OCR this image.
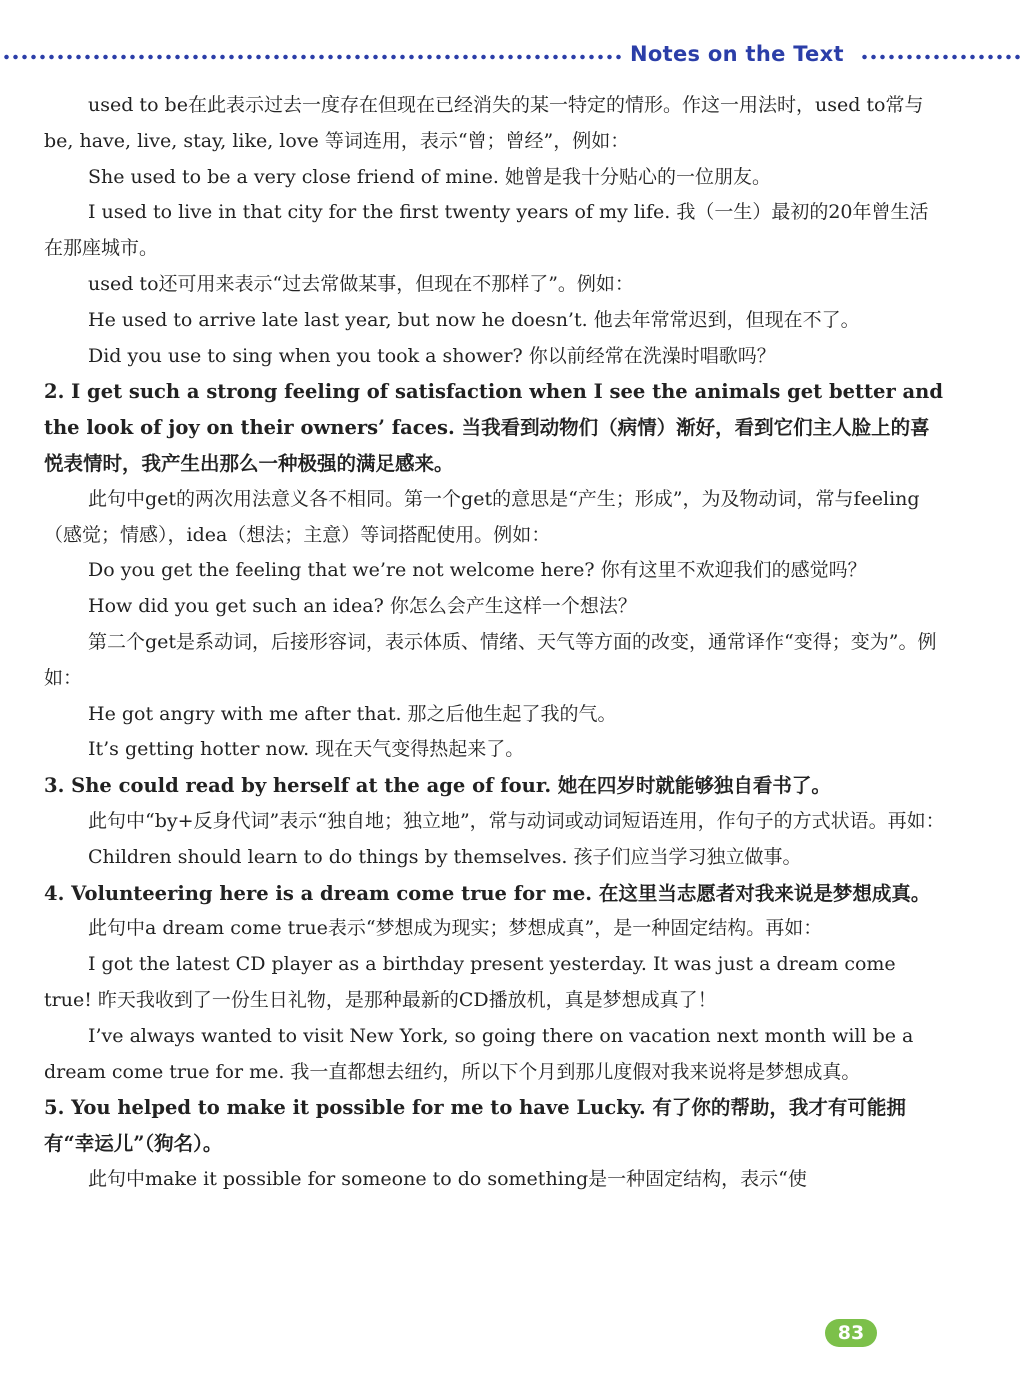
Notes on the Text

used to be在此表示过去一度存在但现在已经消失的某一特定的情形。作这一用法时，used to常与be, have, live, stay, like, love 等词连用，表示“曾；曾经”，例如：

She used to be a very close friend of mine. 她曾是我十分贴心的一位朋友。

I used to live in that city for the first twenty years of my life. 我（一生）最初的20年曾生活在那座城市。

used to还可用来表示“过去常做某事，但现在不那样了”。例如：

He used to arrive late last year, but now he doesn’t. 他去年常常迟到，但现在不了。

Did you use to sing when you took a shower? 你以前经常在洗澡时唱歌吗？

2. I get such a strong feeling of satisfaction when I see the animals get better and the look of joy on their owners’ faces. 当我看到动物们（病情）渐好，看到它们主人脸上的喜悦表情时，我产生出那么一种极强的满足感来。

此句中get的两次用法意义各不相同。第一个get的意思是“产生；形成”，为及物动词，常与feeling（感觉；情感），idea（想法；主意）等词搭配使用。例如：

Do you get the feeling that we’re not welcome here? 你有这里不欢迎我们的感觉吗？

How did you get such an idea? 你怎么会产生这样一个想法？

第二个get是系动词，后接形容词，表示体质、情绪、天气等方面的改变，通常译作“变得；变为”。例如：

He got angry with me after that. 那之后他生起了我的气。

It’s getting hotter now. 现在天气变得热起来了。

3. She could read by herself at the age of four. 她在四岁时就能够独自看书了。

此句中“by+反身代词”表示“独自地；独立地”，常与动词或动词短语连用，作句子的方式状语。再如：

Children should learn to do things by themselves. 孩子们应当学习独立做事。

4. Volunteering here is a dream come true for me. 在这里当志愿者对我来说是梦想成真。

此句中a dream come true表示“梦想成为现实；梦想成真”，是一种固定结构。再如：

I got the latest CD player as a birthday present yesterday. It was just a dream come true! 昨天我收到了一份生日礼物，是那种最新的CD播放机，真是梦想成真了！

I’ve always wanted to visit New York, so going there on vacation next month will be a dream come true for me. 我一直都想去纽约，所以下个月到那儿度假对我来说将是梦想成真。

5. You helped to make it possible for me to have Lucky. 有了你的帮助，我才有可能拥有“幸运儿”（狗名）。

此句中make it possible for someone to do something是一种固定结构，表示“使

83
